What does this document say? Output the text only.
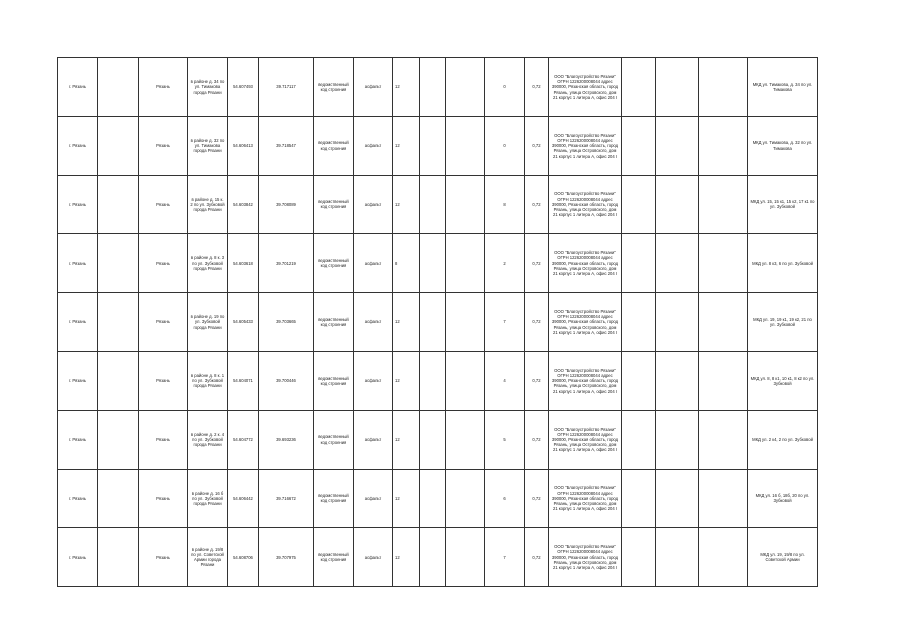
г. Рязань		Рязань	в районе д. 34 по ул. Тимакова города Рязани	54.607493	39.717117	ведомственный код строения	асфальт	12			0	0,72	ООО "Благоустройство Рязани" ОГРН 1226200008044 адрес 390000, Рязанская область, город Рязань, улица Островского, дом 21 корпус 1 литера А, офис 204 I				МКД ул. Тимакова, д. 34 по ул. Тимакова
г. Рязань		Рязань	в районе д. 32 по ул. Тимакова города Рязани	54.606413	39.718547	ведомственный код строения	асфальт	12			0	0,72	ООО "Благоустройство Рязани" ОГРН 1226200008044 адрес 390000, Рязанская область, город Рязань, улица Островского, дом 21 корпус 1 литера А, офис 204 I				МКД ул. Тимакова, д. 32 по ул. Тимакова
г. Рязань		Рязань	в районе д. 15 к. 2 по ул. Зубковой города Рязани	54.603842	39.708089	ведомственный код строения	асфальт	12			8	0,72	ООО "Благоустройство Рязани" ОГРН 1226200008044 адрес 390000, Рязанская область, город Рязань, улица Островского, дом 21 корпус 1 литера А, офис 204 I				МКД ул. 15, 15 к1, 15 к2, 17 к1 по ул. Зубковой
г. Рязань		Рязань	в районе д. 8 к. 3 по ул. Зубковой города Рязани	54.603618	39.701219	ведомственный код строения	асфальт	8			2	0,72	ООО "Благоустройство Рязани" ОГРН 1226200008044 адрес 390000, Рязанская область, город Рязань, улица Островского, дом 21 корпус 1 литера А, офис 204 I				МКД ул. 8 к3, 6 по ул. Зубковой
г. Рязань		Рязань	в районе д. 19 по ул. Зубковой города Рязани	54.605433	39.703665	ведомственный код строения	асфальт	12			7	0,72	ООО "Благоустройство Рязани" ОГРН 1226200008044 адрес 390000, Рязанская область, город Рязань, улица Островского, дом 21 корпус 1 литера А, офис 204 I				МКД ул. 19, 19 к1, 19 к2, 21 по ул. Зубковой
г. Рязань		Рязань	в районе д. 8 к. 1 по ул. Зубковой города Рязани	54.604071	39.700446	ведомственный код строения	асфальт	12			4	0,72	ООО "Благоустройство Рязани" ОГРН 1226200008044 адрес 390000, Рязанская область, город Рязань, улица Островского, дом 21 корпус 1 литера А, офис 204 I				МКД ул. 8, 8 к1, 10 к1, 8 к2 по ул. Зубковой
г. Рязань		Рязань	в районе д. 2 к. 4 по ул. Зубковой города Рязани	54.604772	39.693236	ведомственный код строения	асфальт	12			5	0,72	ООО "Благоустройство Рязани" ОГРН 1226200008044 адрес 390000, Рязанская область, город Рязань, улица Островского, дом 21 корпус 1 литера А, офис 204 I				МКД ул. 2 к4, 2 по ул. Зубковой
г. Рязань		Рязань	в районе д. 16 б по ул. Зубковой города Рязани	54.606442	39.716672	ведомственный код строения	асфальт	12			6	0,72	ООО "Благоустройство Рязани" ОГРН 1226200008044 адрес 390000, Рязанская область, город Рязань, улица Островского, дом 21 корпус 1 литера А, офис 204 I				МКД ул. 16 б, 18б, 20 по ул. Зубковой
г. Рязань		Рязань	в районе д. 19/8 по ул. Советской Армии города Рязани	54.608706	39.707975	ведомственный код строения	асфальт	12			7	0,72	ООО "Благоустройство Рязани" ОГРН 1226200008044 адрес 390000, Рязанская область, город Рязань, улица Островского, дом 21 корпус 1 литера А, офис 204 I				МКД ул. 19, 19/8 по ул. Советской Армии
